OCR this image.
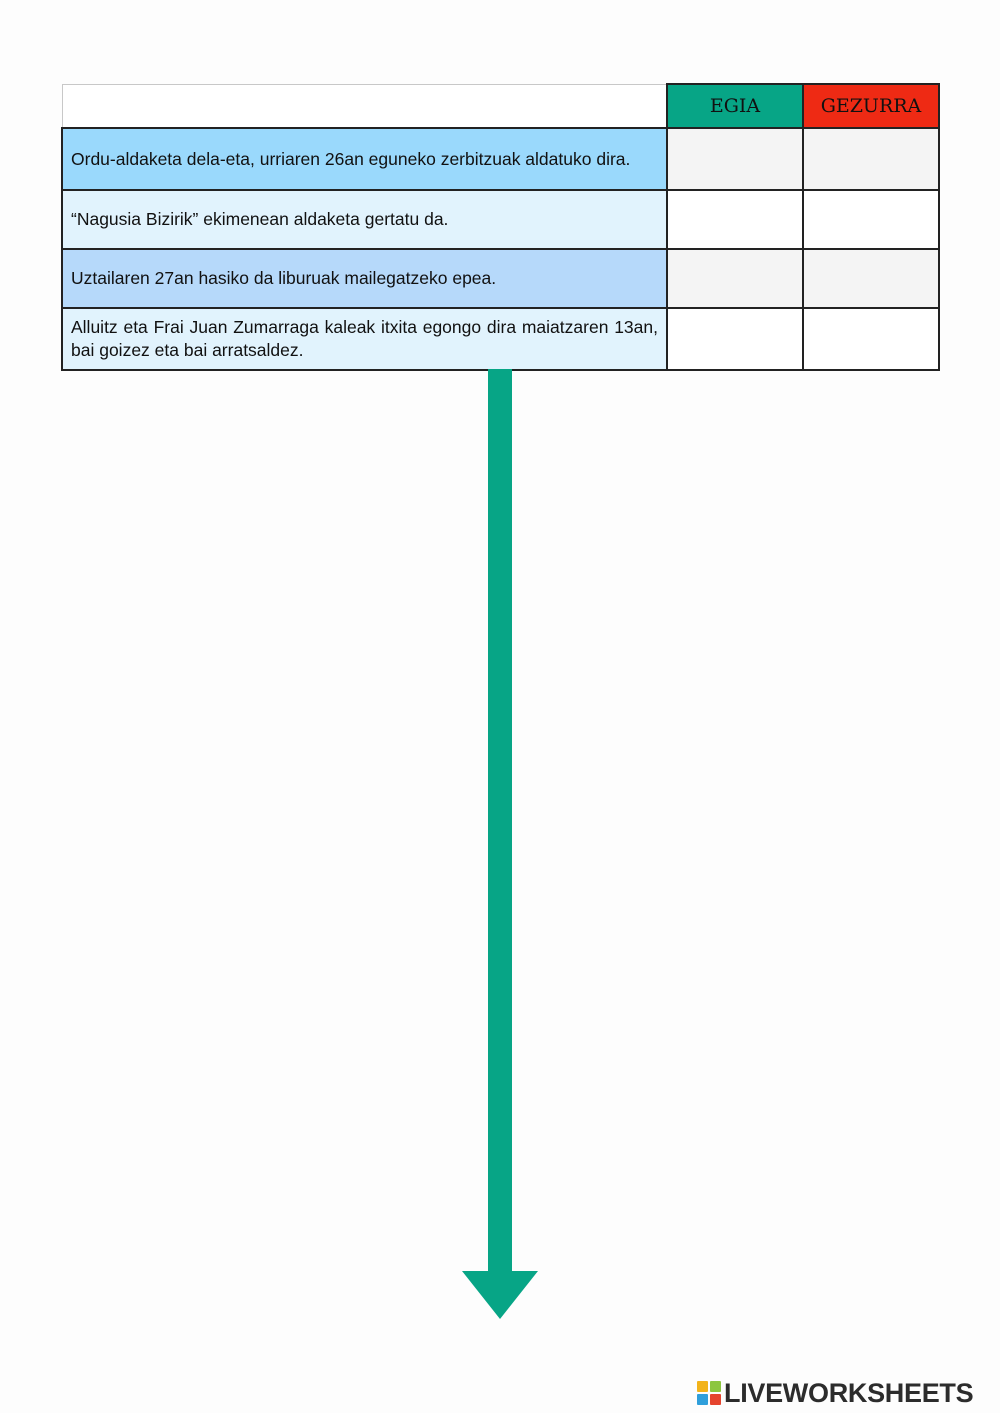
	EGIA	GEZURRA
Ordu-aldaketa dela-eta, urriaren 26an eguneko zerbitzuak aldatuko dira.		
“Nagusia Bizirik” ekimenean aldaketa gertatu da.		
Uztailaren 27an hasiko da liburuak mailegatzeko epea.		
Alluitz eta Frai Juan Zumarraga kaleak itxita egongo dira maiatzaren 13an, bai goizez eta bai arratsaldez.		
LIVEWORKSHEETS
